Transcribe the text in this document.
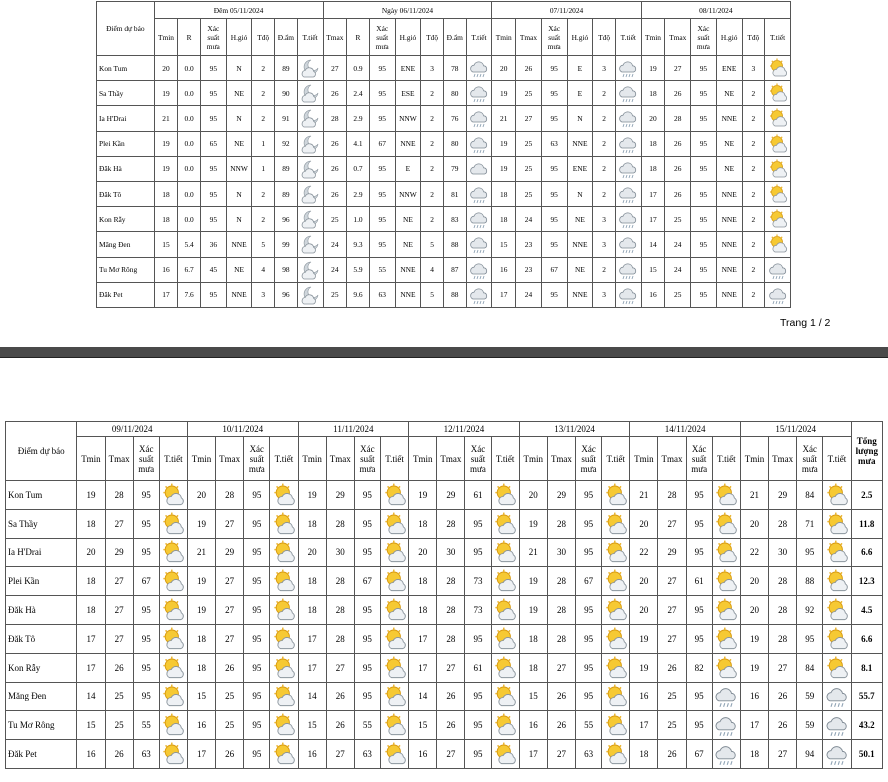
Điểm dự báo	Đêm 05/11/2024							Ngày 06/11/2024							07/11/2024						08/11/2024					
	Tmin	R	Xác suất mưa	H.gió	Tđộ	Đ.ẩm	T.tiết	Tmax	R	Xác suất mưa	H.gió	Tđộ	Đ.ẩm	T.tiết	Tmin	Tmax	Xác suất mưa	H.gió	Tđộ	T.tiết	Tmin	Tmax	Xác suất mưa	H.gió	Tđộ	T.tiết
Kon Tum	20	0.0	95	N	2	89		27	0.9	95	ENE	3	78		20	26	95	E	3		19	27	95	ENE	3	

Sa Thầy	19	0.0	95	NE	2	90		26	2.4	95	ESE	2	80		19	25	95	E	2		18	26	95	NE	2	

Ia H'Drai	21	0.0	95	N	2	91		28	2.9	95	NNW	2	76		21	27	95	N	2		20	28	95	NNE	2	

Plei Kần	19	0.0	65	NE	1	92		26	4.1	67	NNE	2	80		19	25	63	NNE	2		18	26	95	NE	2	

Đăk Hà	19	0.0	95	NNW	1	89		26	0.7	95	E	2	79		19	25	95	ENE	2		18	26	95	NE	2	

Đăk Tô	18	0.0	95	N	2	89		26	2.9	95	NNW	2	81		18	25	95	N	2		17	26	95	NNE	2	

Kon Rẫy	18	0.0	95	N	2	96		25	1.0	95	NE	2	83		18	24	95	NE	3		17	25	95	NNE	2	

Măng Đen	15	5.4	36	NNE	5	99		24	9.3	95	NE	5	88		15	23	95	NNE	3		14	24	95	NNE	2	

Tu Mơ Rông	16	6.7	45	NE	4	98		24	5.9	55	NNE	4	87		16	23	67	NE	2		15	24	95	NNE	2	

Đăk Pet	17	7.6	95	NNE	3	96		25	9.6	63	NNE	5	88		17	24	95	NNE	3		16	25	95	NNE	2	
Trang 1 / 2
Điểm dự báo	09/11/2024				10/11/2024				11/11/2024				12/11/2024				13/11/2024				14/11/2024				15/11/2024				Tổng lượng mưa
	Tmin	Tmax	Xác suất mưa	T.tiết	Tmin	Tmax	Xác suất mưa	T.tiết	Tmin	Tmax	Xác suất mưa	T.tiết	Tmin	Tmax	Xác suất mưa	T.tiết	Tmin	Tmax	Xác suất mưa	T.tiết	Tmin	Tmax	Xác suất mưa	T.tiết	Tmin	Tmax	Xác suất mưa	T.tiết	
Kon Tum	19	28	95		20	28	95		19	29	95		19	29	61		20	29	95		21	28	95		21	29	84		2.5
Sa Thầy	18	27	95		19	27	95		18	28	95		18	28	95		19	28	95		20	27	95		20	28	71		11.8
Ia H'Drai	20	29	95		21	29	95		20	30	95		20	30	95		21	30	95		22	29	95		22	30	95		6.6
Plei Kần	18	27	67		19	27	95		18	28	67		18	28	73		19	28	67		20	27	61		20	28	88		12.3
Đăk Hà	18	27	95		19	27	95		18	28	95		18	28	73		19	28	95		20	27	95		20	28	92		4.5
Đăk Tô	17	27	95		18	27	95		17	28	95		17	28	95		18	28	95		19	27	95		19	28	95		6.6
Kon Rẫy	17	26	95		18	26	95		17	27	95		17	27	61		18	27	95		19	26	82		19	27	84		8.1
Măng Đen	14	25	95		15	25	95		14	26	95		14	26	95		15	26	95		16	25	95		16	26	59		55.7
Tu Mơ Rông	15	25	55		16	25	95		15	26	55		15	26	95		16	26	55		17	25	95		17	26	59		43.2
Đăk Pet	16	26	63		17	26	95		16	27	63		16	27	95		17	27	63		18	26	67		18	27	94		50.1
